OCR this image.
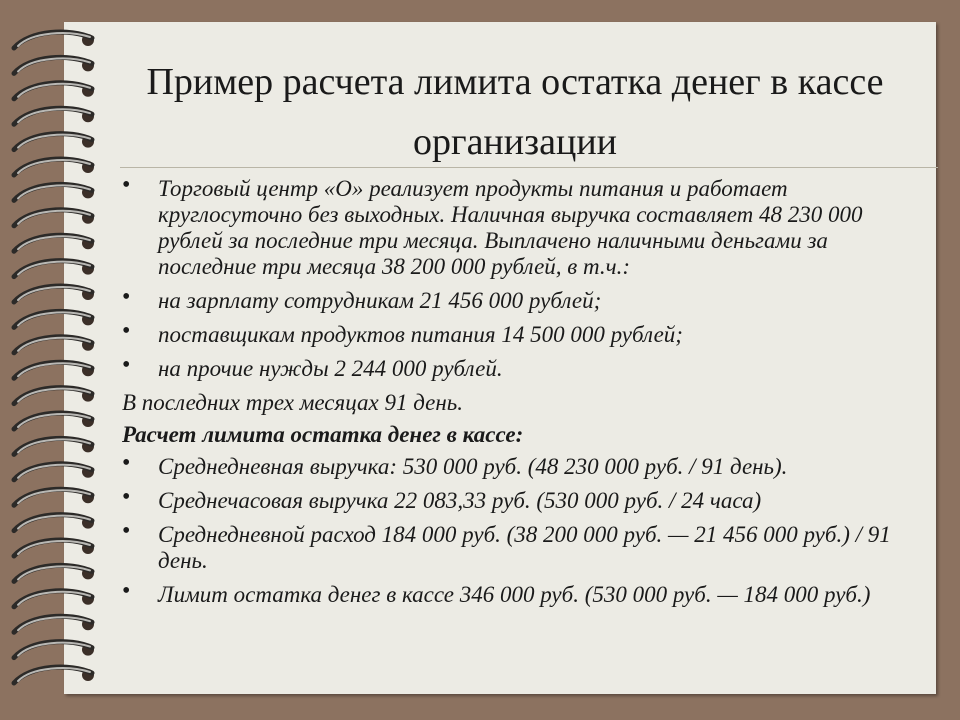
Пример расчета лимита остатка денег в кассе организации
• Торговый центр «О» реализует продукты питания и работает круглосуточно без выходных. Наличная выручка составляет 48 230 000 рублей за последние три месяца. Выплачено наличными деньгами за последние три месяца 38 200 000 рублей, в т.ч.:
• на зарплату сотрудникам 21 456 000 рублей;
• поставщикам продуктов питания 14 500 000 рублей;
• на прочие нужды 2 244 000 рублей.
В последних трех месяцах 91 день.
Расчет лимита остатка денег в кассе:
• Среднедневная выручка: 530 000 руб. (48 230 000 руб. / 91 день).
• Среднечасовая выручка 22 083,33 руб. (530 000 руб. / 24 часа)
• Среднедневной расход 184 000 руб. (38 200 000 руб. — 21 456 000 руб.) / 91 день.
• Лимит остатка денег в кассе 346 000 руб. (530 000 руб. — 184 000 руб.)
